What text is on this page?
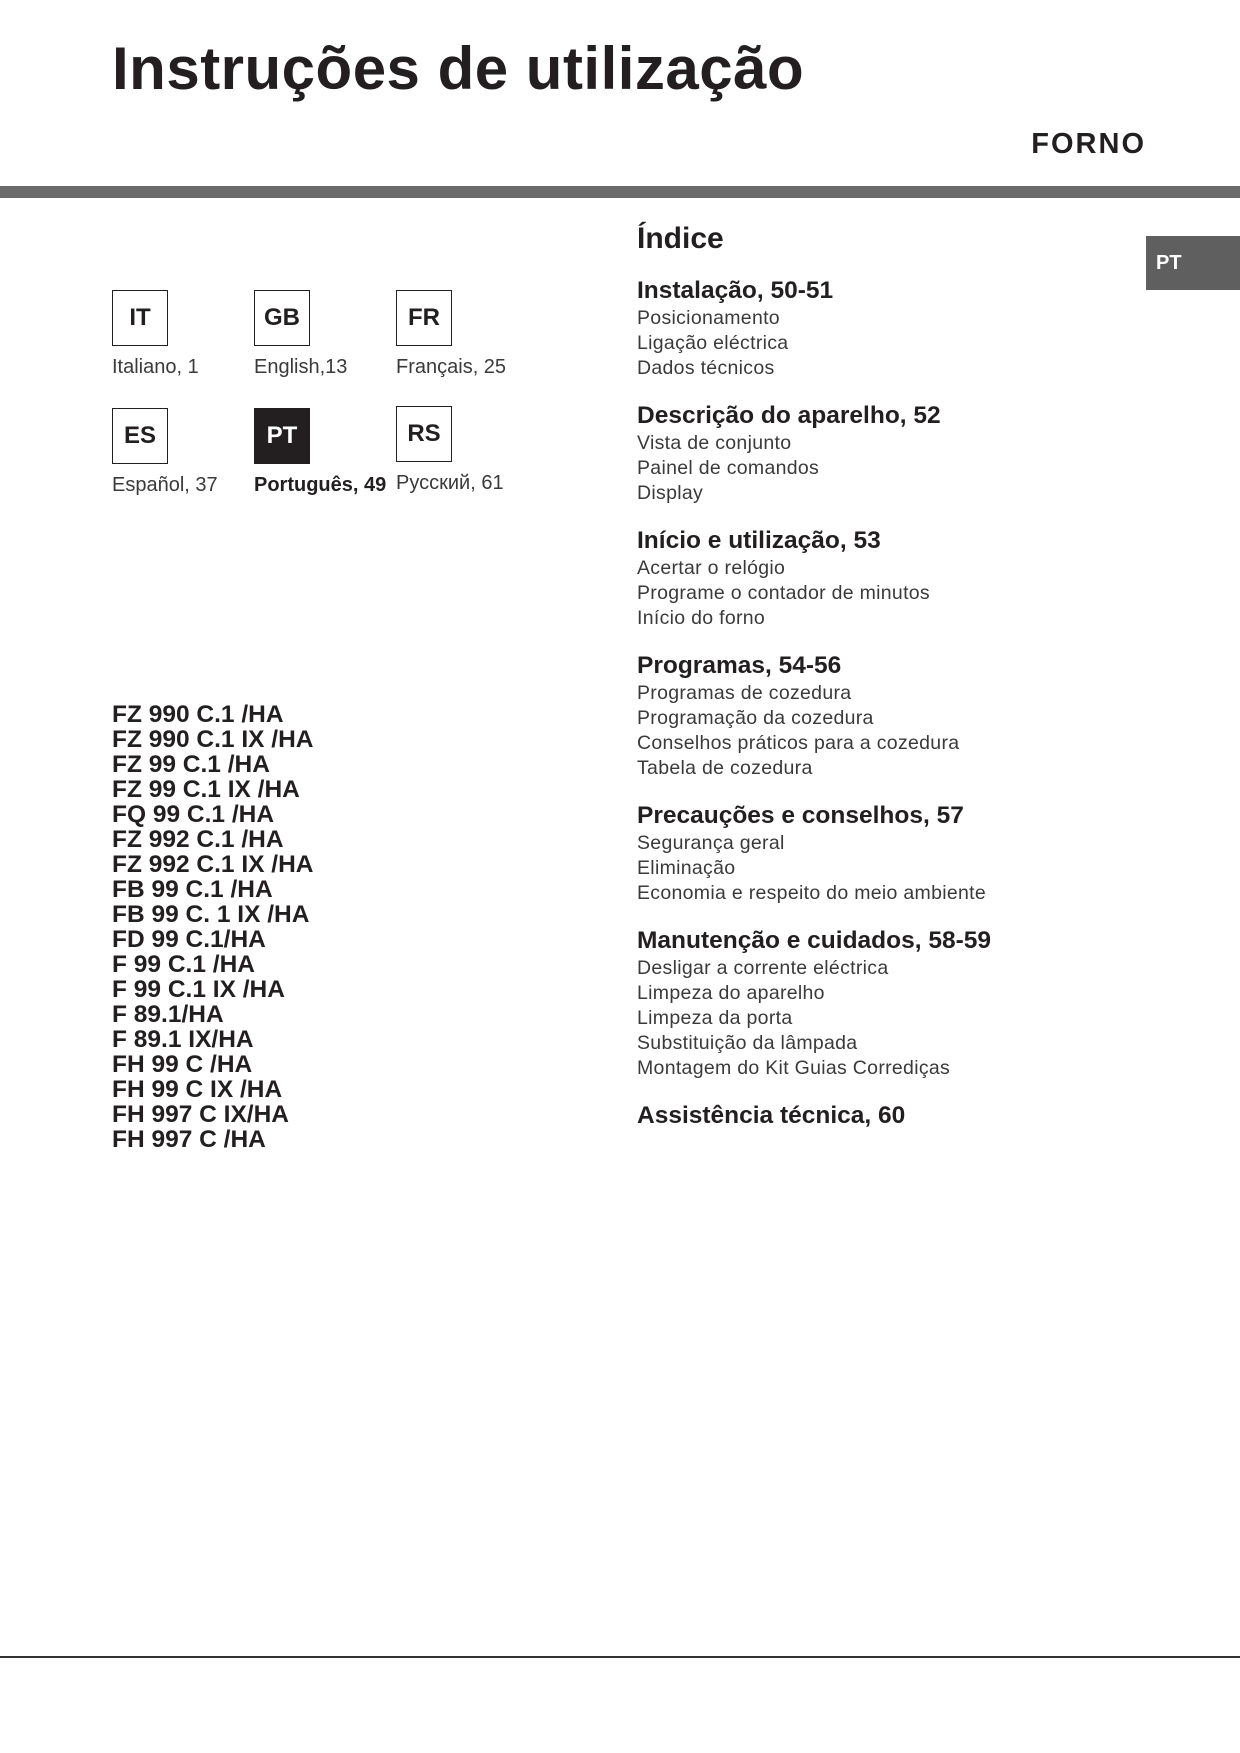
Instruções de utilização
FORNO
PT
FZ 990 C.1 /HA
FZ 990 C.1 IX /HA
FZ 99 C.1 /HA
FZ 99 C.1 IX /HA
FQ 99 C.1 /HA
FZ 992 C.1 /HA
FZ 992 C.1 IX /HA
FB 99 C.1 /HA
FB 99 C. 1 IX /HA
FD 99 C.1/HA
F 99 C.1 /HA
F 99 C.1 IX /HA
F 89.1/HA
F 89.1 IX/HA
FH 99 C /HA
FH 99 C IX /HA
FH 997 C IX/HA
FH 997 C /HA
Índice
Instalação, 50-51
Posicionamento
Ligação eléctrica
Dados técnicos
Descrição do aparelho, 52
Vista de conjunto
Painel de comandos
Display
Início e utilização, 53
Acertar o relógio
Programe o contador de minutos
Início do forno
Programas, 54-56
Programas de cozedura
Programação da cozedura
Conselhos práticos para a cozedura
Tabela de cozedura
Precauções e conselhos, 57
Segurança geral
Eliminação
Economia e respeito do meio ambiente
Manutenção e cuidados, 58-59
Desligar a corrente eléctrica
Limpeza do aparelho
Limpeza da porta
Substituição da lâmpada
Montagem do Kit Guias Corrediças
Assistência técnica, 60
IT
Italiano, 1
GB
English,13
FR
Français, 25
ES
Español, 37
PT
Português, 49
RS
Русский, 61
